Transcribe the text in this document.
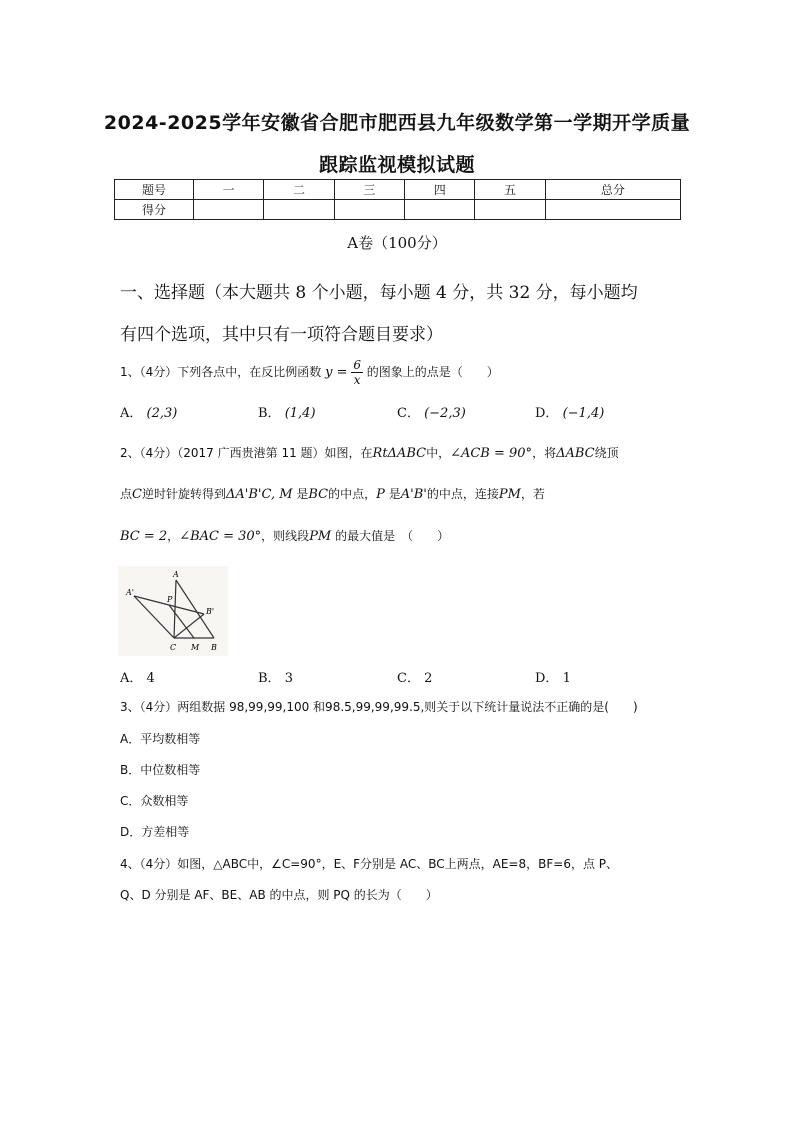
2024-2025学年安徽省合肥市肥西县九年级数学第一学期开学质量
跟踪监视模拟试题
题号	一	二	三	四	五	总分
得分						
A卷（100分）
一、选择题（本大题共 8 个小题，每小题 4 分，共 32 分，每小题均
有四个选项，其中只有一项符合题目要求）
1、（4分）下列各点中，在反比例函数 $y = \frac{6}{x}$ 的图象上的点是（　　）
A． (2,3)	B． (1,4)	C． (−2,3)	D． (−1,4)
2、（4分）（2017 广西贵港第 11 题）如图，在RtΔABC中，∠ACB = 90°，将ΔABC绕顶
点C逆时针旋转得到ΔA'B'C, M 是BC的中点，P 是A'B'的中点，连接PM，若
BC = 2，∠BAC = 30°，则线段PM 的最大值是　（　　）
A'
A
P
B'
C M B
A． 4	B． 3	C． 2	D． 1
3、（4分）两组数据 98,99,99,100 和98.5,99,99,99.5,则关于以下统计量说法不正确的是(　　)
A．平均数相等
B．中位数相等
C．众数相等
D．方差相等
4、（4分）如图，△ABC中，∠C=90°，E、F分别是 AC、BC上两点，AE=8，BF=6，点 P、
Q、D 分别是 AF、BE、AB 的中点，则 PQ 的长为（　　）
